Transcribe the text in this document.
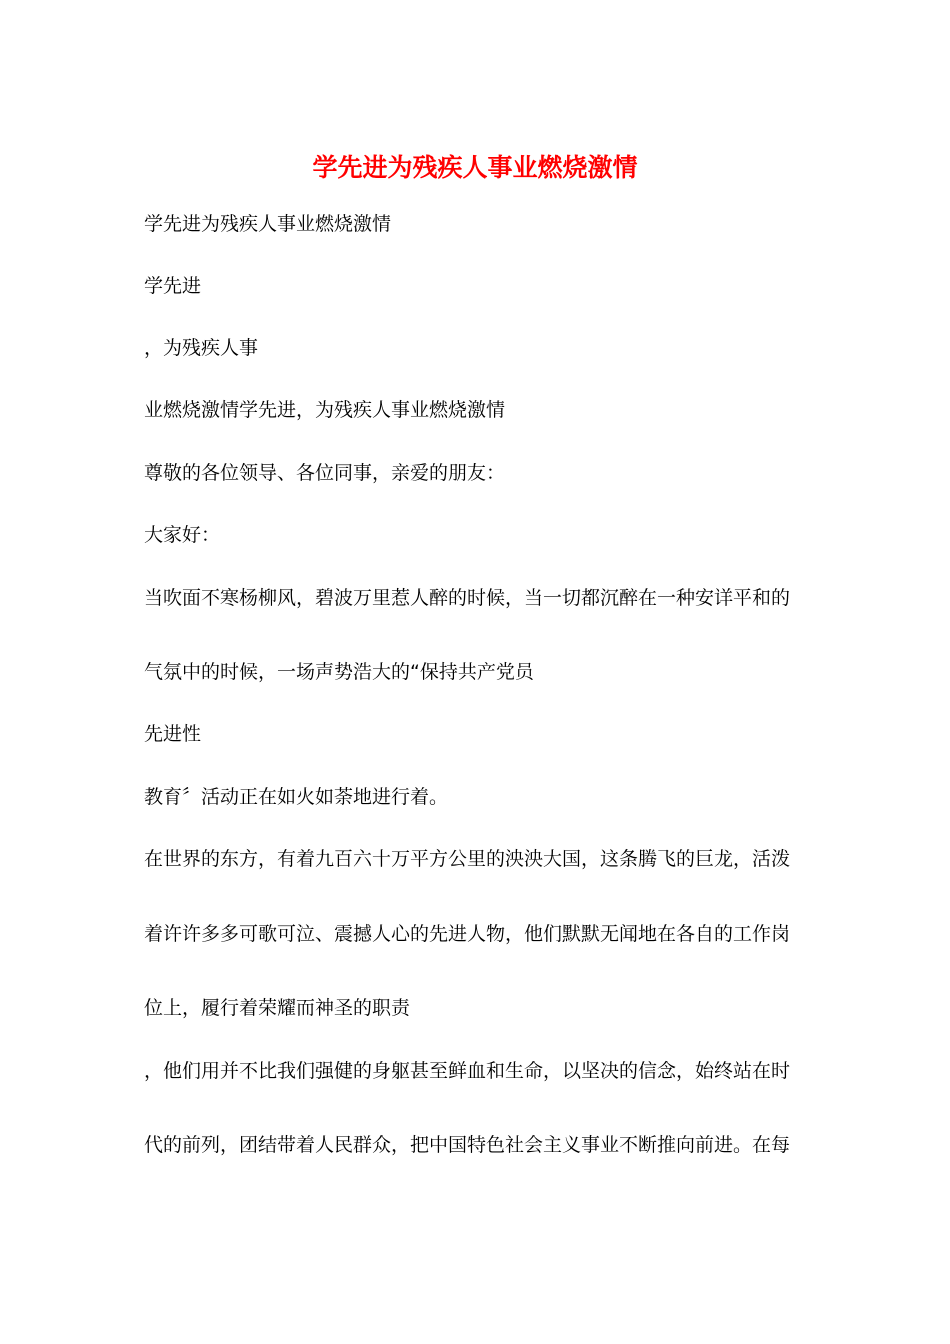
学先进为残疾人事业燃烧激情

学先进为残疾人事业燃烧激情

学先进

，为残疾人事

业燃烧激情学先进，为残疾人事业燃烧激情

尊敬的各位领导、各位同事，亲爱的朋友：

大家好：

当吹面不寒杨柳风，碧波万里惹人醉的时候，当一切都沉醉在一种安详平和的

气氛中的时候，一场声势浩大的“保持共产党员

先进性

教育〞活动正在如火如荼地进行着。

在世界的东方，有着九百六十万平方公里的泱泱大国，这条腾飞的巨龙，活泼

着许许多多可歌可泣、震撼人心的先进人物，他们默默无闻地在各自的工作岗

位上，履行着荣耀而神圣的职责

，他们用并不比我们强健的身躯甚至鲜血和生命，以坚决的信念，始终站在时

代的前列，团结带着人民群众，把中国特色社会主义事业不断推向前进。在每
